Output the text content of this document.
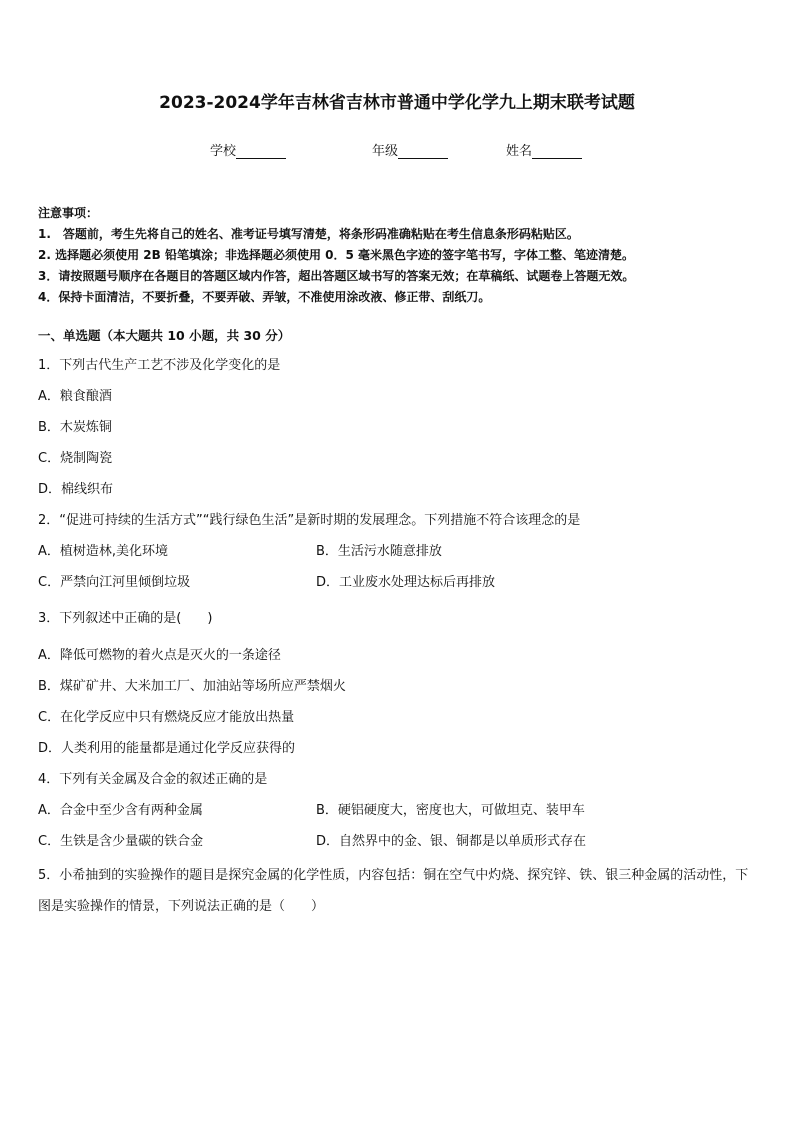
2023-2024学年吉林省吉林市普通中学化学九上期末联考试题
学校	年级	姓名
注意事项：
1.　答题前，考生先将自己的姓名、准考证号填写清楚，将条形码准确粘贴在考生信息条形码粘贴区。
2. 选择题必须使用 2B 铅笔填涂；非选择题必须使用 0．5 毫米黑色字迹的签字笔书写，字体工整、笔迹清楚。
3．请按照题号顺序在各题目的答题区域内作答，超出答题区域书写的答案无效；在草稿纸、试题卷上答题无效。
4．保持卡面清洁，不要折叠，不要弄破、弄皱，不准使用涂改液、修正带、刮纸刀。
一、单选题（本大题共 10 小题，共 30 分）
1．下列古代生产工艺不涉及化学变化的是
A．粮食酿酒
B．木炭炼铜
C．烧制陶瓷
D．棉线织布
2．“促进可持续的生活方式”“践行绿色生活”是新时期的发展理念。下列措施不符合该理念的是
A．植树造林,美化环境	B．生活污水随意排放
C．严禁向江河里倾倒垃圾	D．工业废水处理达标后再排放
3．下列叙述中正确的是(　　)
A．降低可燃物的着火点是灭火的一条途径
B．煤矿矿井、大米加工厂、加油站等场所应严禁烟火
C．在化学反应中只有燃烧反应才能放出热量
D．人类利用的能量都是通过化学反应获得的
4．下列有关金属及合金的叙述正确的是
A．合金中至少含有两种金属	B．硬铝硬度大，密度也大，可做坦克、装甲车
C．生铁是含少量碳的铁合金	D．自然界中的金、银、铜都是以单质形式存在
5．小希抽到的实验操作的题目是探究金属的化学性质，内容包括：铜在空气中灼烧、探究锌、铁、银三种金属的活动性，下图是实验操作的情景，下列说法正确的是（　　）
